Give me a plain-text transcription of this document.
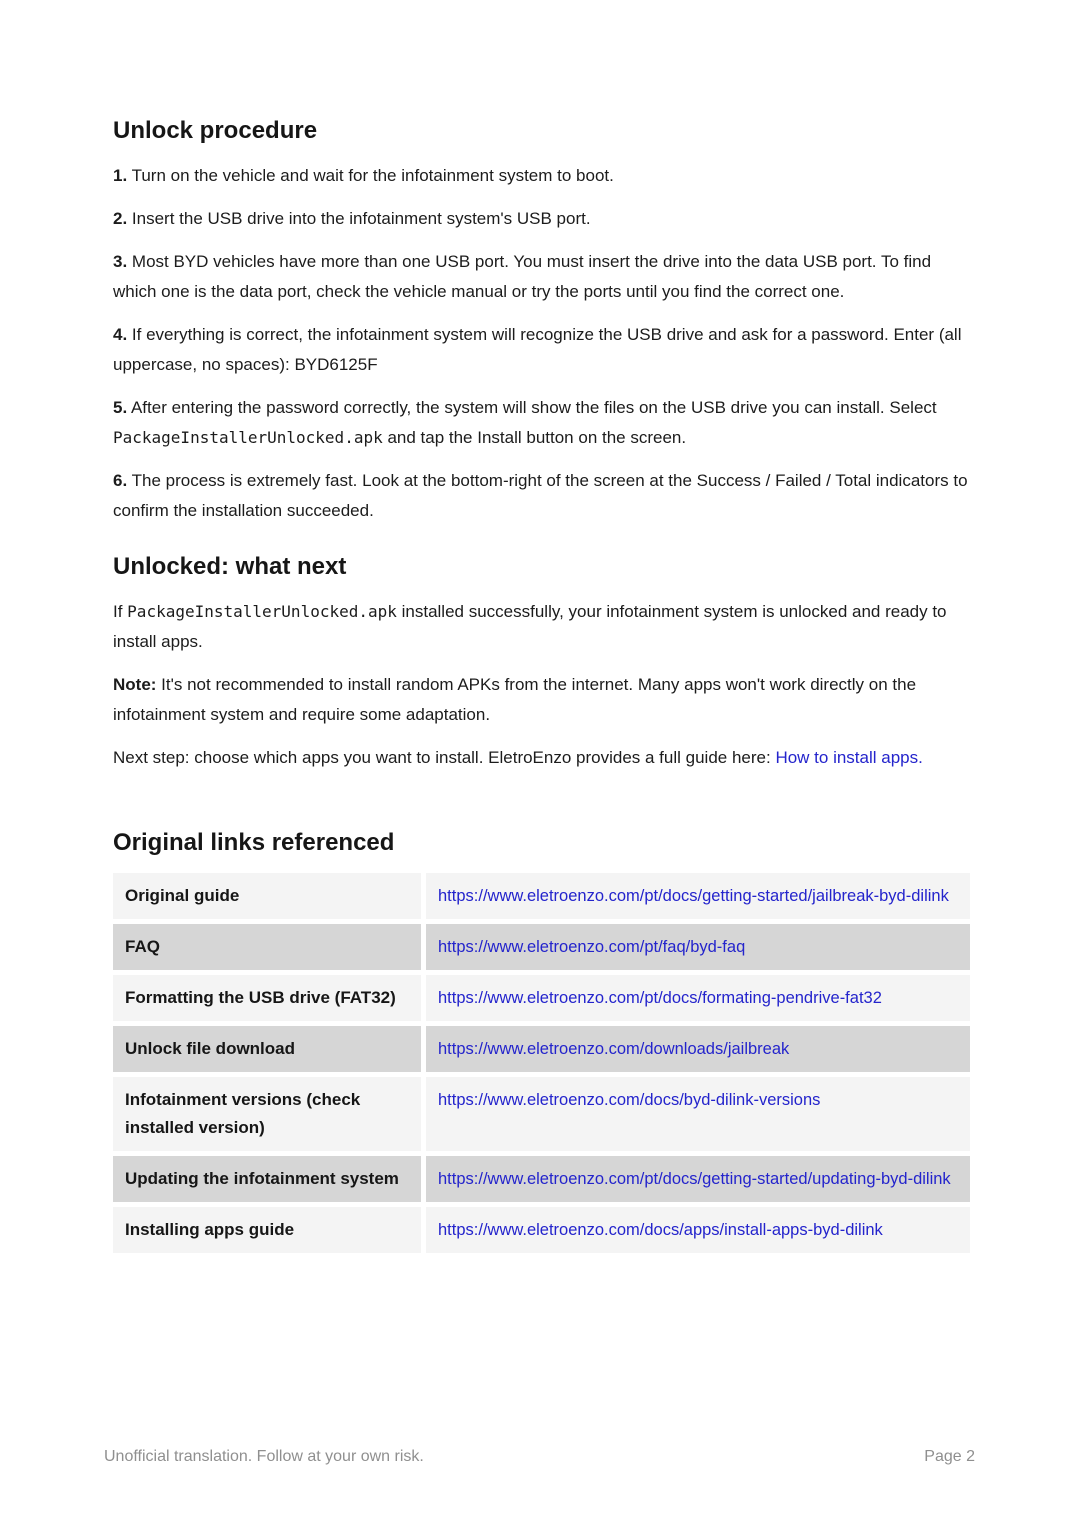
Unlock procedure

1. Turn on the vehicle and wait for the infotainment system to boot.

2. Insert the USB drive into the infotainment system's USB port.

3. Most BYD vehicles have more than one USB port. You must insert the drive into the data USB port. To find which one is the data port, check the vehicle manual or try the ports until you find the correct one.

4. If everything is correct, the infotainment system will recognize the USB drive and ask for a password. Enter (all uppercase, no spaces): BYD6125F

5. After entering the password correctly, the system will show the files on the USB drive you can install. Select PackageInstallerUnlocked.apk and tap the Install button on the screen.

6. The process is extremely fast. Look at the bottom-right of the screen at the Success / Failed / Total indicators to confirm the installation succeeded.

Unlocked: what next

If PackageInstallerUnlocked.apk installed successfully, your infotainment system is unlocked and ready to install apps.

Note: It's not recommended to install random APKs from the internet. Many apps won't work directly on the infotainment system and require some adaptation.

Next step: choose which apps you want to install. EletroEnzo provides a full guide here: How to install apps.

Original links referenced
Original guide	https://www.eletroenzo.com/pt/docs/getting-started/jailbreak-byd-dilink
FAQ	https://www.eletroenzo.com/pt/faq/byd-faq
Formatting the USB drive (FAT32)	https://www.eletroenzo.com/pt/docs/formating-pendrive-fat32
Unlock file download	https://www.eletroenzo.com/downloads/jailbreak
Infotainment versions (check installed version)
https://www.eletroenzo.com/docs/byd-dilink-versions
Updating the infotainment system	https://www.eletroenzo.com/pt/docs/getting-started/updating-byd-dilink
Installing apps guide	https://www.eletroenzo.com/docs/apps/install-apps-byd-dilink
Unofficial translation. Follow at your own risk.	Page 2
